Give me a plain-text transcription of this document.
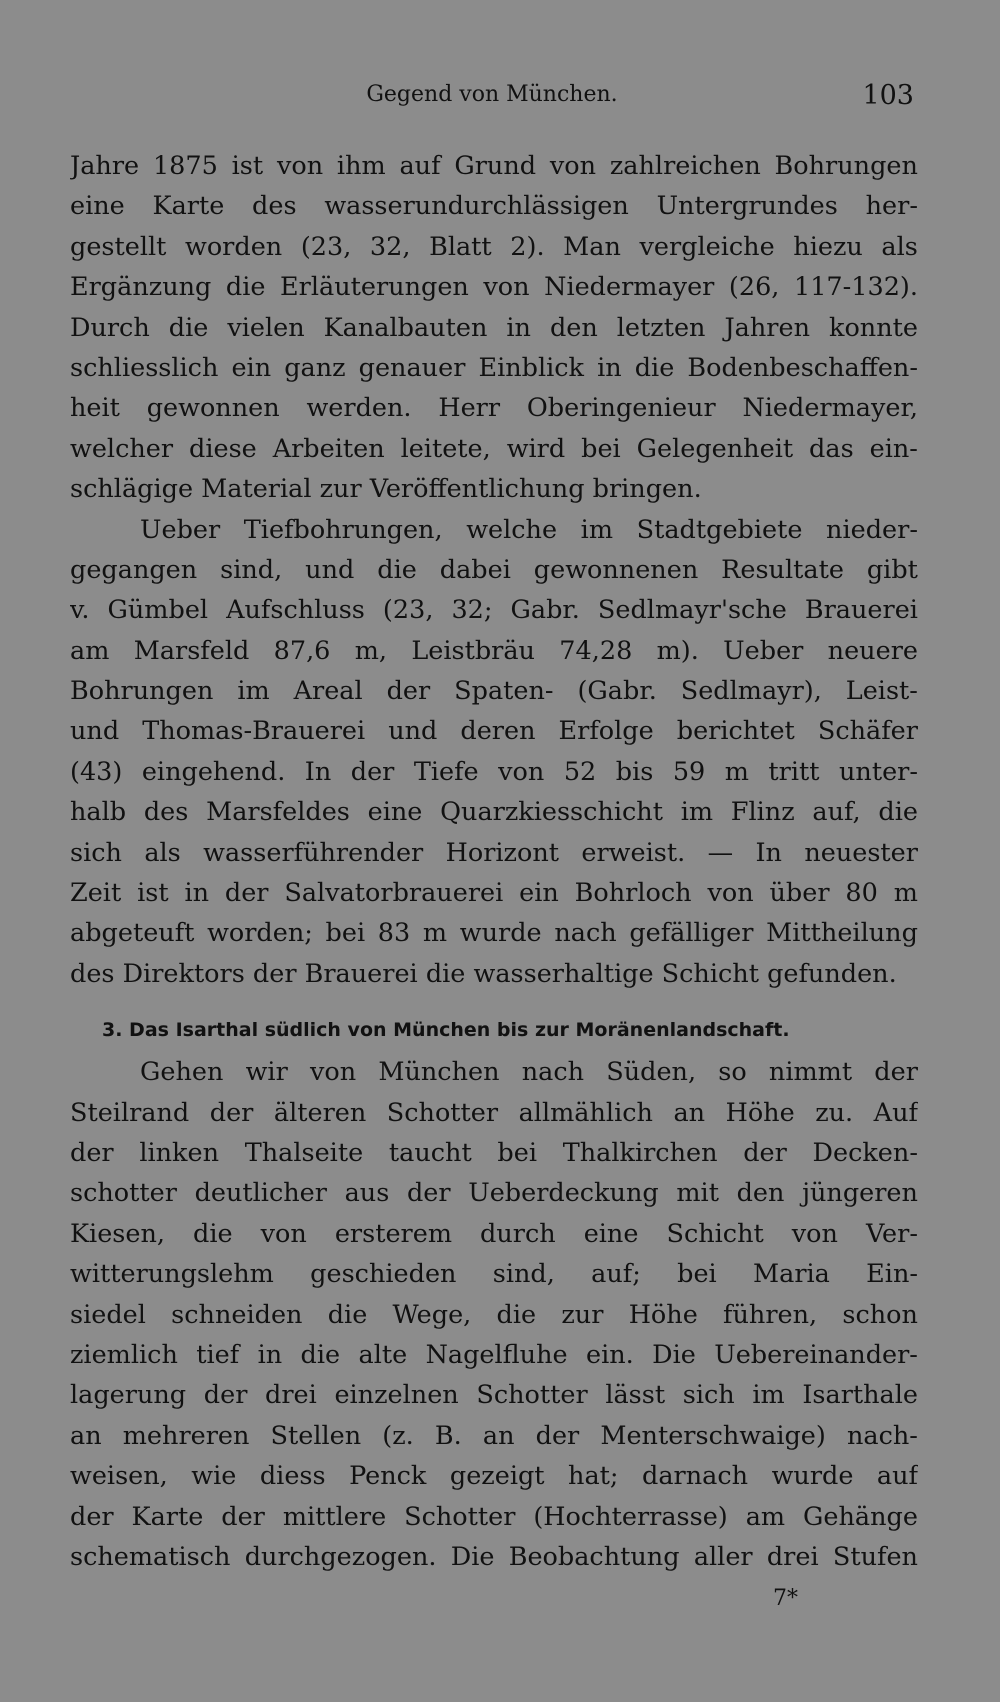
Gegend von München.	103
Jahre 1875 ist von ihm auf Grund von zahlreichen Bohrungen
eine Karte des wasserundurchlässigen Untergrundes her-
gestellt worden (23, 32, Blatt 2). Man vergleiche hiezu als
Ergänzung die Erläuterungen von Niedermayer (26, 117-132).
Durch die vielen Kanalbauten in den letzten Jahren konnte
schliesslich ein ganz genauer Einblick in die Bodenbeschaffen-
heit gewonnen werden. Herr Oberingenieur Niedermayer,
welcher diese Arbeiten leitete, wird bei Gelegenheit das ein-
schlägige Material zur Veröffentlichung bringen.
Ueber Tiefbohrungen, welche im Stadtgebiete nieder-
gegangen sind, und die dabei gewonnenen Resultate gibt
v. Gümbel Aufschluss (23, 32; Gabr. Sedlmayr'sche Brauerei
am Marsfeld 87,6 m, Leistbräu 74,28 m). Ueber neuere
Bohrungen im Areal der Spaten- (Gabr. Sedlmayr), Leist-
und Thomas-Brauerei und deren Erfolge berichtet Schäfer
(43) eingehend. In der Tiefe von 52 bis 59 m tritt unter-
halb des Marsfeldes eine Quarzkiesschicht im Flinz auf, die
sich als wasserführender Horizont erweist. — In neuester
Zeit ist in der Salvatorbrauerei ein Bohrloch von über 80 m
abgeteuft worden; bei 83 m wurde nach gefälliger Mittheilung
des Direktors der Brauerei die wasserhaltige Schicht gefunden.
3. Das Isarthal südlich von München bis zur Moränenlandschaft.
Gehen wir von München nach Süden, so nimmt der
Steilrand der älteren Schotter allmählich an Höhe zu. Auf
der linken Thalseite taucht bei Thalkirchen der Decken-
schotter deutlicher aus der Ueberdeckung mit den jüngeren
Kiesen, die von ersterem durch eine Schicht von Ver-
witterungslehm geschieden sind, auf; bei Maria Ein-
siedel schneiden die Wege, die zur Höhe führen, schon
ziemlich tief in die alte Nagelfluhe ein. Die Uebereinander-
lagerung der drei einzelnen Schotter lässt sich im Isarthale
an mehreren Stellen (z. B. an der Menterschwaige) nach-
weisen, wie diess Penck gezeigt hat; darnach wurde auf
der Karte der mittlere Schotter (Hochterrasse) am Gehänge
schematisch durchgezogen. Die Beobachtung aller drei Stufen
7*
